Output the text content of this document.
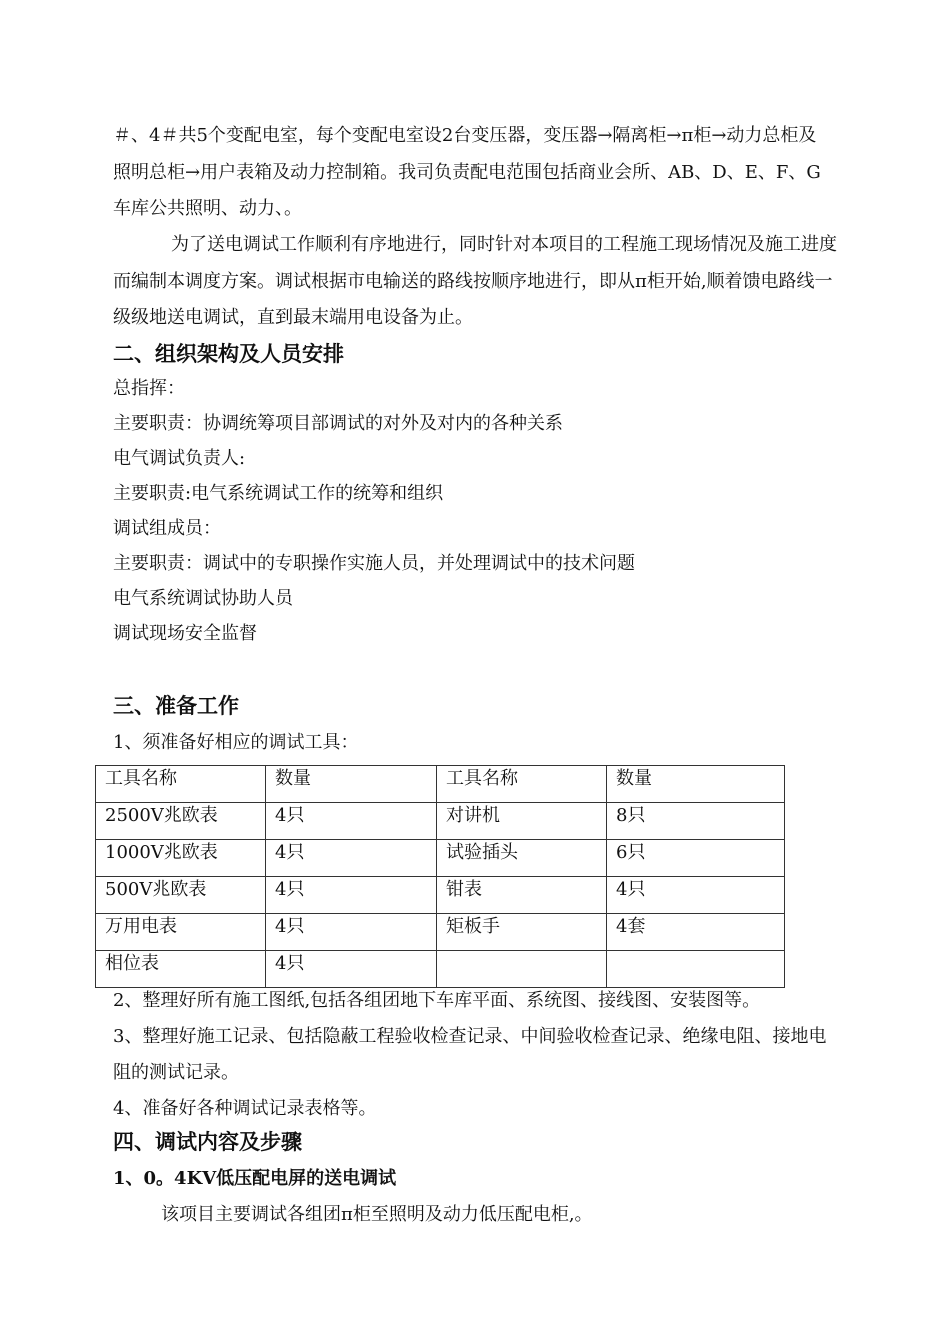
＃、4＃共5个变配电室，每个变配电室设2台变压器，变压器→隔离柜→π柜→动力总柜及
照明总柜→用户表箱及动力控制箱。我司负责配电范围包括商业会所、AB、D、E、F、G
车库公共照明、动力、。
为了送电调试工作顺利有序地进行，同时针对本项目的工程施工现场情况及施工进度
而编制本调度方案。调试根据市电输送的路线按顺序地进行，即从π柜开始,顺着馈电路线一
级级地送电调试，直到最末端用电设备为止。
二、组织架构及人员安排
总指挥：
主要职责：协调统筹项目部调试的对外及对内的各种关系
电气调试负责人:
主要职责:电气系统调试工作的统筹和组织
调试组成员：
主要职责：调试中的专职操作实施人员，并处理调试中的技术问题
电气系统调试协助人员
调试现场安全监督
三、准备工作
1、须准备好相应的调试工具：
工具名称	数量	工具名称	数量
2500V兆欧表	4只	对讲机	8只
1000V兆欧表	4只	试验插头	6只
500V兆欧表	4只	钳表	4只
万用电表	4只	矩板手	4套
相位表	4只		
2、整理好所有施工图纸,包括各组团地下车库平面、系统图、接线图、安装图等。
3、整理好施工记录、包括隐蔽工程验收检查记录、中间验收检查记录、绝缘电阻、接地电
阻的测试记录。
4、准备好各种调试记录表格等。
四、调试内容及步骤
1、0。4KV低压配电屏的送电调试
该项目主要调试各组团π柜至照明及动力低压配电柜,。
